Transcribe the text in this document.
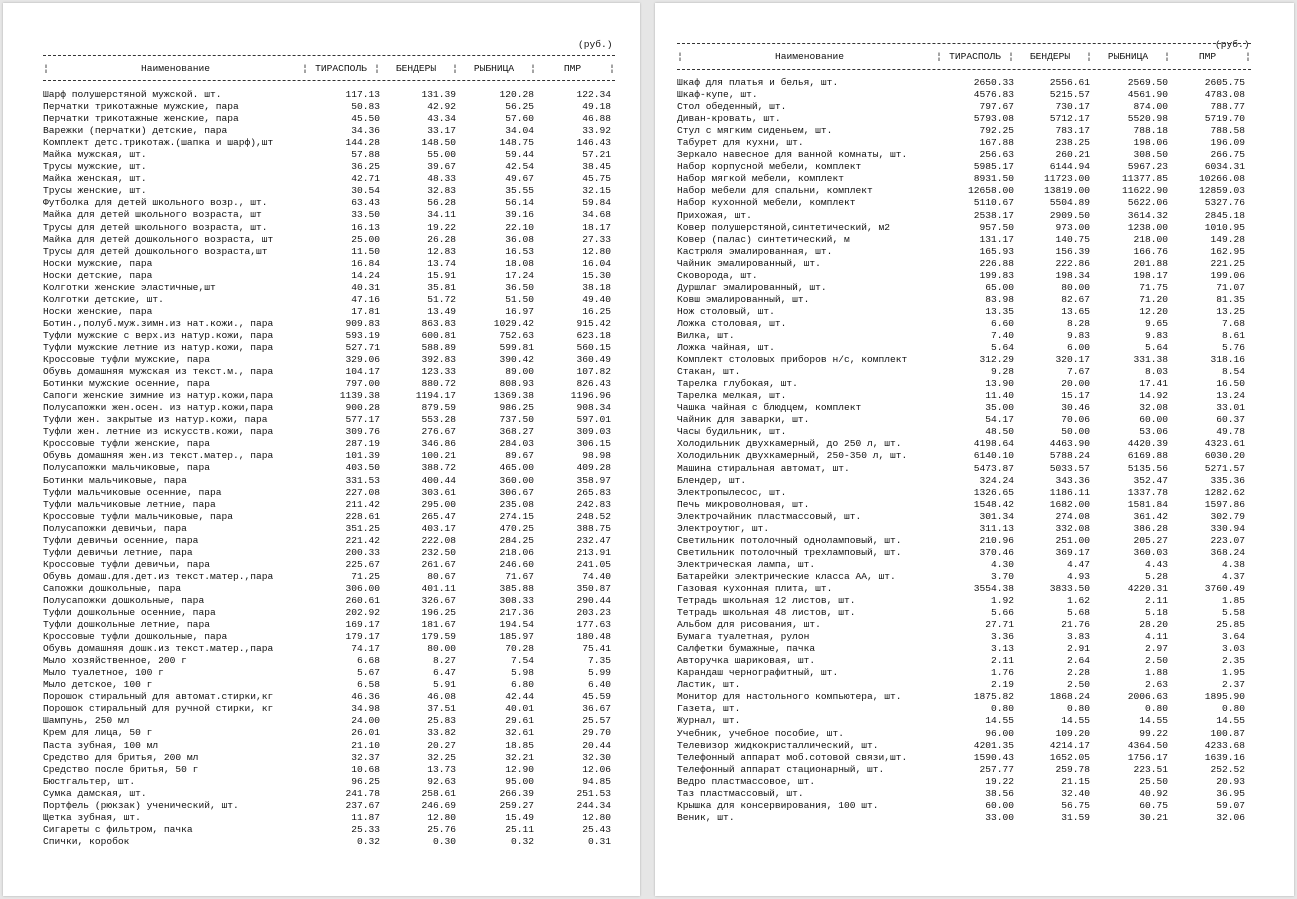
(руб.)
¦	Наименование	¦ ТИРАСПОЛЬ ¦	БЕНДЕРЫ	¦	РЫБНИЦА	¦	ПМР	¦
Шарф полушерстяной мужской. шт.	117.13	131.39	120.28	122.34
Перчатки трикотажные мужские, пара	50.83	42.92	56.25	49.18
Перчатки трикотажные женские, пара	45.50	43.34	57.60	46.88
Варежки (перчатки) детские, пара	34.36	33.17	34.04	33.92
Комплект детс.трикотаж.(шапка и шарф),шт	144.28	148.50	148.75	146.43
Майка мужская, шт.	57.88	55.00	59.44	57.21
Трусы мужские, шт.	36.25	39.67	42.54	38.45
Майка женская, шт.	42.71	48.33	49.67	45.75
Трусы женские, шт.	30.54	32.83	35.55	32.15
Футболка для детей школьного возр., шт.	63.43	56.28	56.14	59.84
Майка для детей школьного возраста, шт	33.50	34.11	39.16	34.68
Трусы для детей школьного возраста, шт.	16.13	19.22	22.10	18.17
Майка для детей дошкольного возраста, шт	25.00	26.28	36.08	27.33
Трусы для детей дошкольного возраста,шт	11.50	12.83	16.53	12.80
Носки мужские, пара	16.84	13.74	18.08	16.04
Носки детские, пара	14.24	15.91	17.24	15.30
Колготки женские эластичные,шт	40.31	35.81	36.50	38.18
Колготки детские, шт.	47.16	51.72	51.50	49.40
Носки женские, пара	17.81	13.49	16.97	16.25
Ботин.,полуб.муж.зимн.из нат.кожи., пара	909.83	863.83	1029.42	915.42
Туфли мужские с верх.из натур.кожи, пара	593.19	600.81	752.63	623.18
Туфли мужские летние из натур.кожи, пара	527.71	588.89	599.81	560.15
Кроссовые туфли мужские, пара	329.06	392.83	390.42	360.49
Обувь домашняя мужская из текст.м., пара	104.17	123.33	89.00	107.82
Ботинки мужские осенние, пара	797.00	880.72	808.93	826.43
Сапоги женские зимние из натур.кожи,пара	1139.38	1194.17	1369.38	1196.96
Полусапожки жен.осен. из натур.кожи,пара	900.28	879.59	986.25	908.34
Туфли жен. закрытые из натур.кожи, пара	577.17	553.28	737.50	597.01
Туфли жен. летние из искусств.кожи, пара	309.76	276.67	368.27	309.03
Кроссовые туфли женские, пара	287.19	346.86	284.03	306.15
Обувь домашняя жен.из текст.матер., пара	101.39	100.21	89.67	98.98
Полусапожки мальчиковые, пара	403.50	388.72	465.00	409.28
Ботинки мальчиковые, пара	331.53	400.44	360.00	358.97
Туфли мальчиковые осенние, пара	227.08	303.61	306.67	265.83
Туфли мальчиковые летние, пара	211.42	295.00	235.08	242.83
Кроссовые туфли мальчиковые, пара	228.61	265.47	274.15	248.52
Полусапожки девичьи, пара	351.25	403.17	470.25	388.75
Туфли девичьи осенние, пара	221.42	222.08	284.25	232.47
Туфли девичьи летние, пара	200.33	232.50	218.06	213.91
Кроссовые туфли девичьи, пара	225.67	261.67	246.60	241.05
Обувь домаш.для.дет.из текст.матер.,пара	71.25	80.67	71.67	74.40
Сапожки дошкольные, пара	306.00	401.11	385.88	350.87
Полусапожки дошкольные, пара	260.61	326.67	308.33	290.44
Туфли дошкольные осенние, пара	202.92	196.25	217.36	203.23
Туфли дошкольные летние, пара	169.17	181.67	194.54	177.63
Кроссовые туфли дошкольные, пара	179.17	179.59	185.97	180.48
Обувь домашняя дошк.из текст.матер.,пара	74.17	80.00	70.28	75.41
Мыло хозяйственное, 200 г	6.68	8.27	7.54	7.35
Мыло туалетное, 100 г	5.67	6.47	5.98	5.99
Мыло детское, 100 г	6.58	5.91	6.80	6.40
Порошок стиральный для автомат.стирки,кг	46.36	46.08	42.44	45.59
Порошок стиральный для ручной стирки, кг	34.98	37.51	40.01	36.67
Шампунь, 250 мл	24.00	25.83	29.61	25.57
Крем для лица, 50 г	26.01	33.82	32.61	29.70
Паста зубная, 100 мл	21.10	20.27	18.85	20.44
Средство для бритья, 200 мл	32.37	32.25	32.21	32.30
Средство после бритья, 50 г	10.68	13.73	12.90	12.06
Бюстгальтер, шт.	96.25	92.63	95.00	94.85
Сумка дамская, шт.	241.78	258.61	266.39	251.53
Портфель (рюкзак) ученический, шт.	237.67	246.69	259.27	244.34
Щетка зубная, шт.	11.87	12.80	15.49	12.80
Сигареты с фильтром, пачка	25.33	25.76	25.11	25.43
Спички, коробок	0.32	0.30	0.32	0.31
(руб.)
¦	Наименование	¦ ТИРАСПОЛЬ ¦	БЕНДЕРЫ	¦	РЫБНИЦА	¦	ПМР	¦
Шкаф для платья и белья, шт.	2650.33	2556.61	2569.50	2605.75
Шкаф-купе, шт.	4576.83	5215.57	4561.90	4783.08
Стол обеденный, шт.	797.67	730.17	874.00	788.77
Диван-кровать, шт.	5793.08	5712.17	5520.98	5719.70
Стул с мягким сиденьем, шт.	792.25	783.17	788.18	788.58
Табурет для кухни, шт.	167.88	238.25	198.06	196.09
Зеркало навесное для ванной комнаты, шт.	256.63	260.21	308.50	266.75
Набор корпусной мебели, комплект	5985.17	6144.94	5967.23	6034.31
Набор мягкой мебели, комплект	8931.50	11723.00	11377.85	10266.08
Набор мебели для спальни, комплект	12658.00	13819.00	11622.90	12859.03
Набор кухонной мебели, комплект	5110.67	5504.89	5622.06	5327.76
Прихожая, шт.	2538.17	2909.50	3614.32	2845.18
Ковер полушерстяной,синтетический, м2	957.50	973.00	1238.00	1010.95
Ковер (палас) синтетический, м	131.17	140.75	218.00	149.28
Кастрюля эмалированная, шт.	165.93	156.39	166.76	162.95
Чайник эмалированный, шт.	226.88	222.86	201.88	221.25
Сковорода, шт.	199.83	198.34	198.17	199.06
Дуршлаг эмалированный, шт.	65.00	80.00	71.75	71.07
Ковш эмалированный, шт.	83.98	82.67	71.20	81.35
Нож столовый, шт.	13.35	13.65	12.20	13.25
Ложка столовая, шт.	6.60	8.28	9.65	7.68
Вилка, шт.	7.40	9.83	9.83	8.61
Ложка чайная, шт.	5.64	6.00	5.64	5.76
Комплект столовых приборов н/с, комплект	312.29	320.17	331.38	318.16
Стакан, шт.	9.28	7.67	8.03	8.54
Тарелка глубокая, шт.	13.90	20.00	17.41	16.50
Тарелка мелкая, шт.	11.40	15.17	14.92	13.24
Чашка чайная с блюдцем, комплект	35.00	30.46	32.08	33.01
Чайник для заварки, шт.	54.17	70.06	60.00	60.37
Часы будильник, шт.	48.50	50.00	53.06	49.78
Холодильник двухкамерный, до 250 л, шт.	4198.64	4463.90	4420.39	4323.61
Холодильник двухкамерный, 250-350 л, шт.	6140.10	5788.24	6169.88	6030.20
Машина стиральная автомат, шт.	5473.87	5033.57	5135.56	5271.57
Блендер, шт.	324.24	343.36	352.47	335.36
Электропылесос, шт.	1326.65	1186.11	1337.78	1282.62
Печь микроволновая, шт.	1548.42	1682.00	1581.84	1597.86
Электрочайник пластмассовый, шт.	301.34	274.08	361.42	302.79
Электроутюг, шт.	311.13	332.08	386.28	330.94
Светильник потолочный одноламповый, шт.	210.96	251.00	205.27	223.07
Светильник потолочный трехламповый, шт.	370.46	369.17	360.03	368.24
Электрическая лампа, шт.	4.30	4.47	4.43	4.38
Батарейки электрические класса АА, шт.	3.70	4.93	5.28	4.37
Газовая кухонная плита, шт.	3554.38	3833.50	4220.31	3760.49
Тетрадь школьная 12 листов, шт.	1.92	1.62	2.11	1.85
Тетрадь школьная 48 листов, шт.	5.66	5.68	5.18	5.58
Альбом для рисования, шт.	27.71	21.76	28.20	25.85
Бумага туалетная, рулон	3.36	3.83	4.11	3.64
Салфетки бумажные, пачка	3.13	2.91	2.97	3.03
Авторучка шариковая, шт.	2.11	2.64	2.50	2.35
Карандаш чернографитный, шт.	1.76	2.28	1.88	1.95
Ластик, шт.	2.19	2.50	2.63	2.37
Монитор для настольного компьютера, шт.	1875.82	1868.24	2006.63	1895.90
Газета, шт.	0.80	0.80	0.80	0.80
Журнал, шт.	14.55	14.55	14.55	14.55
Учебник, учебное пособие, шт.	96.00	109.20	99.22	100.87
Телевизор жидкокристаллический, шт.	4201.35	4214.17	4364.50	4233.68
Телефонный аппарат моб.сотовой связи,шт.	1590.43	1652.05	1756.17	1639.16
Телефонный аппарат стационарный, шт.	257.77	259.78	223.51	252.52
Ведро пластмассовое, шт.	19.22	21.15	25.50	20.93
Таз пластмассовый, шт.	38.56	32.40	40.92	36.95
Крышка для консервирования, 100 шт.	60.00	56.75	60.75	59.07
Веник, шт.	33.00	31.59	30.21	32.06
